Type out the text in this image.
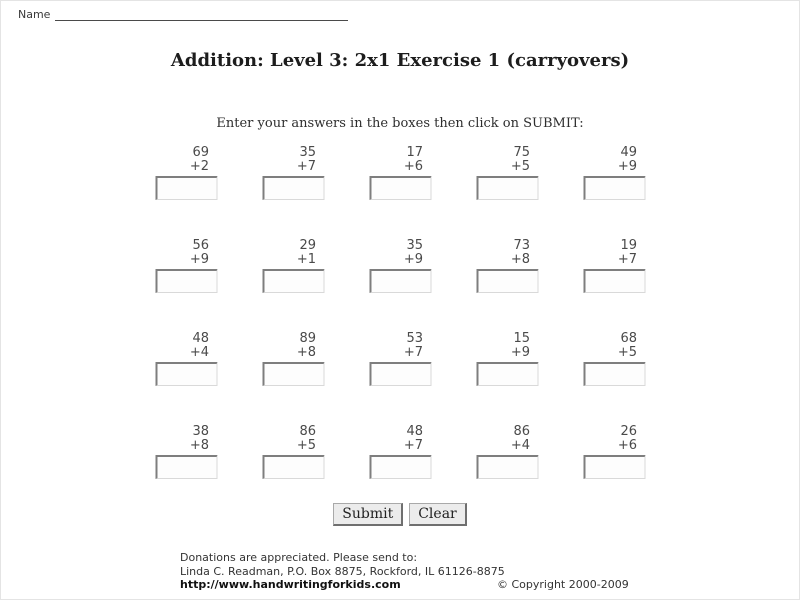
Name
Addition: Level 3: 2x1 Exercise 1 (carryovers)
Enter your answers in the boxes then click on SUBMIT:
69
+2
35
+7
17
+6
75
+5
49
+9
56
+9
29
+1
35
+9
73
+8
19
+7
48
+4
89
+8
53
+7
15
+9
68
+5
38
+8
86
+5
48
+7
86
+4
26
+6
Submit Clear
Donations are appreciated. Please send to:
Linda C. Readman, P.O. Box 8875, Rockford, IL 61126-8875
http://www.handwritingforkids.com	© Copyright 2000-2009
